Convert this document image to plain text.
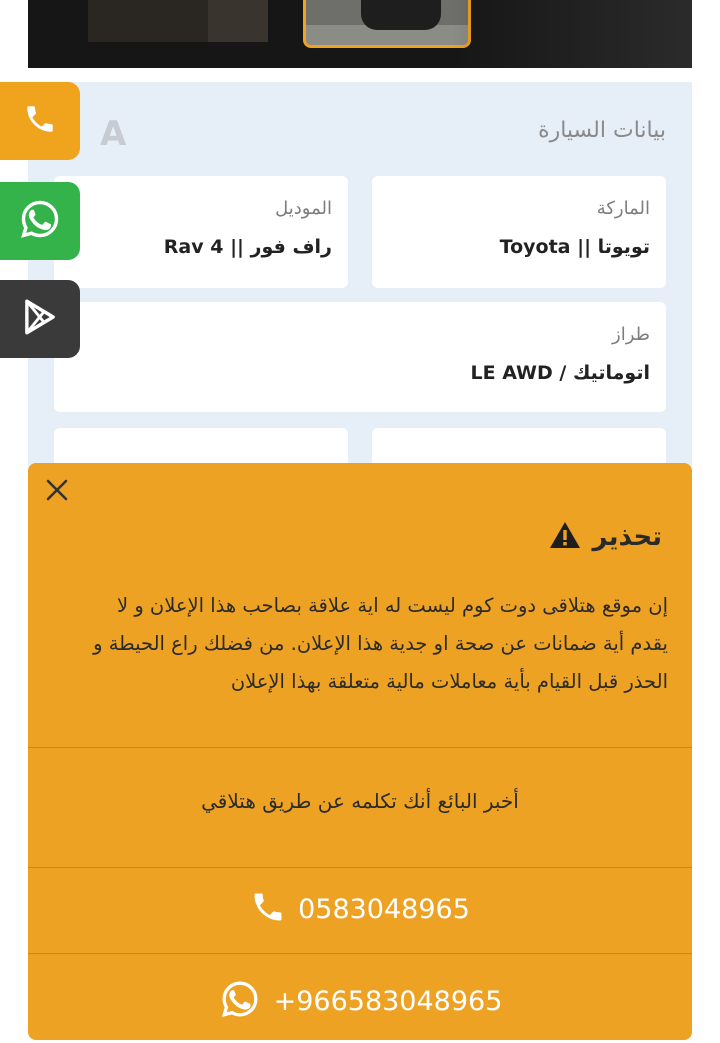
بيانات السيارة
A
الماركة
تويوتا || Toyota
الموديل
راف فور || Rav 4
طراز
اتوماتيك / LE AWD
تحذير
إن موقع هتلاقى دوت كوم ليست له اية علاقة بصاحب هذا الإعلان و لا يقدم أية ضمانات عن صحة او جدية هذا الإعلان. من فضلك راع الحيطة و الحذر قبل القيام بأية معاملات مالية متعلقة بهذا الإعلان
أخبر البائع أنك تكلمه عن طريق هتلاقي
0583048965
+966583048965
